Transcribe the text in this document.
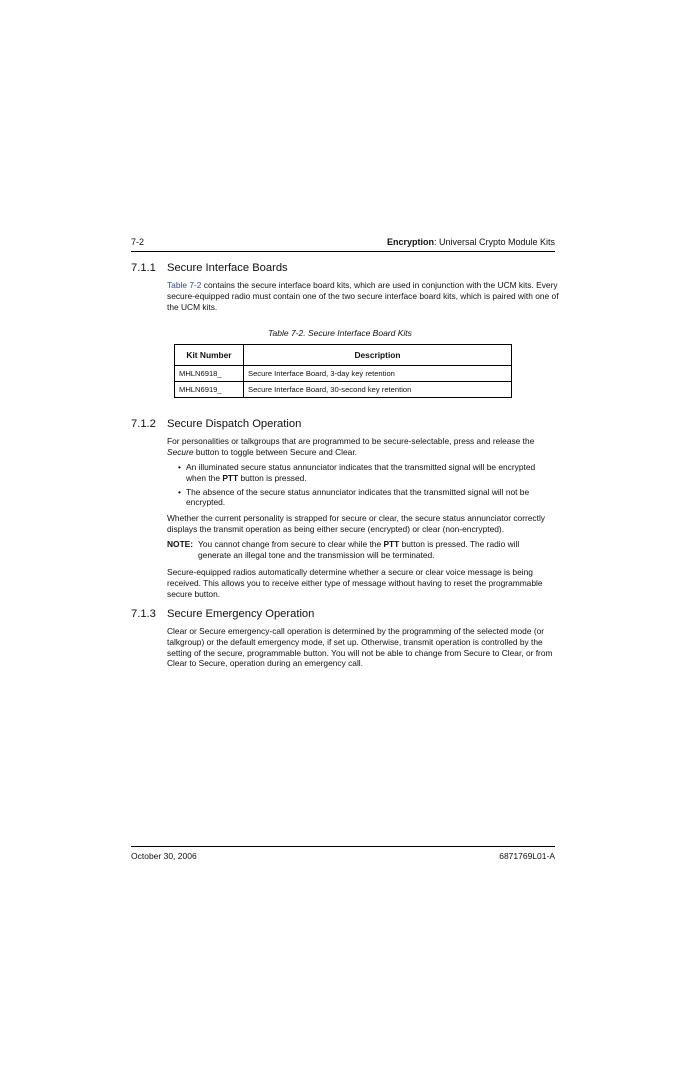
7-2	Encryption: Universal Crypto Module Kits
7.1.1 Secure Interface Boards
Table 7-2 contains the secure interface board kits, which are used in conjunction with the UCM kits. Every secure-equipped radio must contain one of the two secure interface board kits, which is paired with one of the UCM kits.
Table 7-2. Secure Interface Board Kits
Kit Number	Description
MHLN6918_	Secure Interface Board, 3-day key retention
MHLN6919_	Secure Interface Board, 30-second key retention
7.1.2 Secure Dispatch Operation
For personalities or talkgroups that are programmed to be secure-selectable, press and release the Secure button to toggle between Secure and Clear.
• An illuminated secure status annunciator indicates that the transmitted signal will be encrypted when the PTT button is pressed.
• The absence of the secure status annunciator indicates that the transmitted signal will not be encrypted.
Whether the current personality is strapped for secure or clear, the secure status annunciator correctly displays the transmit operation as being either secure (encrypted) or clear (non-encrypted).
NOTE: You cannot change from secure to clear while the PTT button is pressed. The radio will generate an illegal tone and the transmission will be terminated.
Secure-equipped radios automatically determine whether a secure or clear voice message is being received. This allows you to receive either type of message without having to reset the programmable secure button.
7.1.3 Secure Emergency Operation
Clear or Secure emergency-call operation is determined by the programming of the selected mode (or talkgroup) or the default emergency mode, if set up. Otherwise, transmit operation is controlled by the setting of the secure, programmable button. You will not be able to change from Secure to Clear, or from Clear to Secure, operation during an emergency call.
October 30, 2006	6871769L01-A
